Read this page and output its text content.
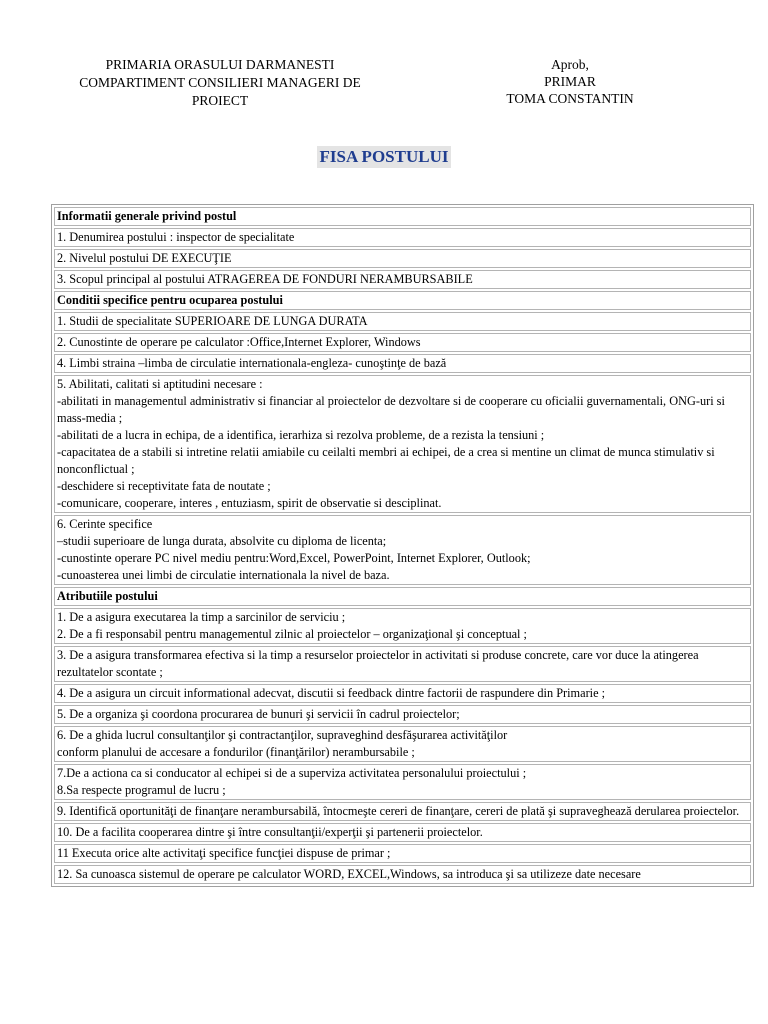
PRIMARIA ORASULUI DARMANESTI
COMPARTIMENT CONSILIERI MANAGERI DE
PROIECT
Aprob,
PRIMAR
TOMA CONSTANTIN
FISA POSTULUI
Informatii generale privind postul

1. Denumirea postului : inspector de specialitate

2. Nivelul postului DE EXECUŢIE

3. Scopul principal al postului ATRAGEREA DE FONDURI NERAMBURSABILE

Conditii specifice pentru ocuparea postului

1. Studii de specialitate SUPERIOARE DE LUNGA DURATA

2. Cunostinte de operare pe calculator :Office,Internet Explorer, Windows

4. Limbi straina –limba de circulatie internationala-engleza- cunoştinţe de bază

5. Abilitati, calitati si aptitudini necesare :
-abilitati in managementul administrativ si financiar al proiectelor de dezvoltare si de cooperare cu oficialii guvernamentali, ONG-uri si mass-media ;
-abilitati de a lucra in echipa, de a identifica, ierarhiza si rezolva probleme, de a rezista la tensiuni ;
-capacitatea de a stabili si intretine relatii amiabile cu ceilalti membri ai echipei, de a crea si mentine un climat de munca stimulativ si nonconflictual ;
-deschidere si receptivitate fata de noutate ;
-comunicare, cooperare, interes , entuziasm, spirit de observatie si desciplinat.

6. Cerinte specifice
–studii superioare de lunga durata, absolvite cu diploma de licenta;
-cunostinte operare PC nivel mediu pentru:Word,Excel, PowerPoint, Internet Explorer, Outlook;
-cunoasterea unei limbi de circulatie internationala la nivel de baza.

Atributiile postului

1. De a asigura executarea la timp a sarcinilor de serviciu ;
2. De a fi responsabil pentru managementul zilnic al proiectelor – organizaţional şi conceptual ;

3. De a asigura transformarea efectiva si la timp a resurselor proiectelor in activitati si produse concrete, care vor duce la atingerea rezultatelor scontate ;

4. De a asigura un circuit informational adecvat, discutii si feedback dintre factorii de raspundere din Primarie ;

5. De a organiza şi coordona procurarea de bunuri şi servicii în cadrul proiectelor;

6. De a ghida lucrul consultanţilor şi contractanţilor, supraveghind desfăşurarea activităţilor
conform planului de accesare a fondurilor (finanţărilor) nerambursabile ;

7.De a actiona ca si conducator al echipei si de a superviza activitatea personalului proiectului ;
8.Sa respecte programul de lucru ;

9. Identifică oportunităţi de finanţare nerambursabilă, întocmeşte cereri de finanţare, cereri de plată şi supraveghează derularea proiectelor.

10. De a facilita cooperarea dintre şi între consultanţii/experţii şi partenerii proiectelor.

11 Executa orice alte activitaţi specifice funcţiei dispuse de primar ;

12. Sa cunoasca sistemul de operare pe calculator WORD, EXCEL,Windows, sa introduca şi sa utilizeze date necesare
